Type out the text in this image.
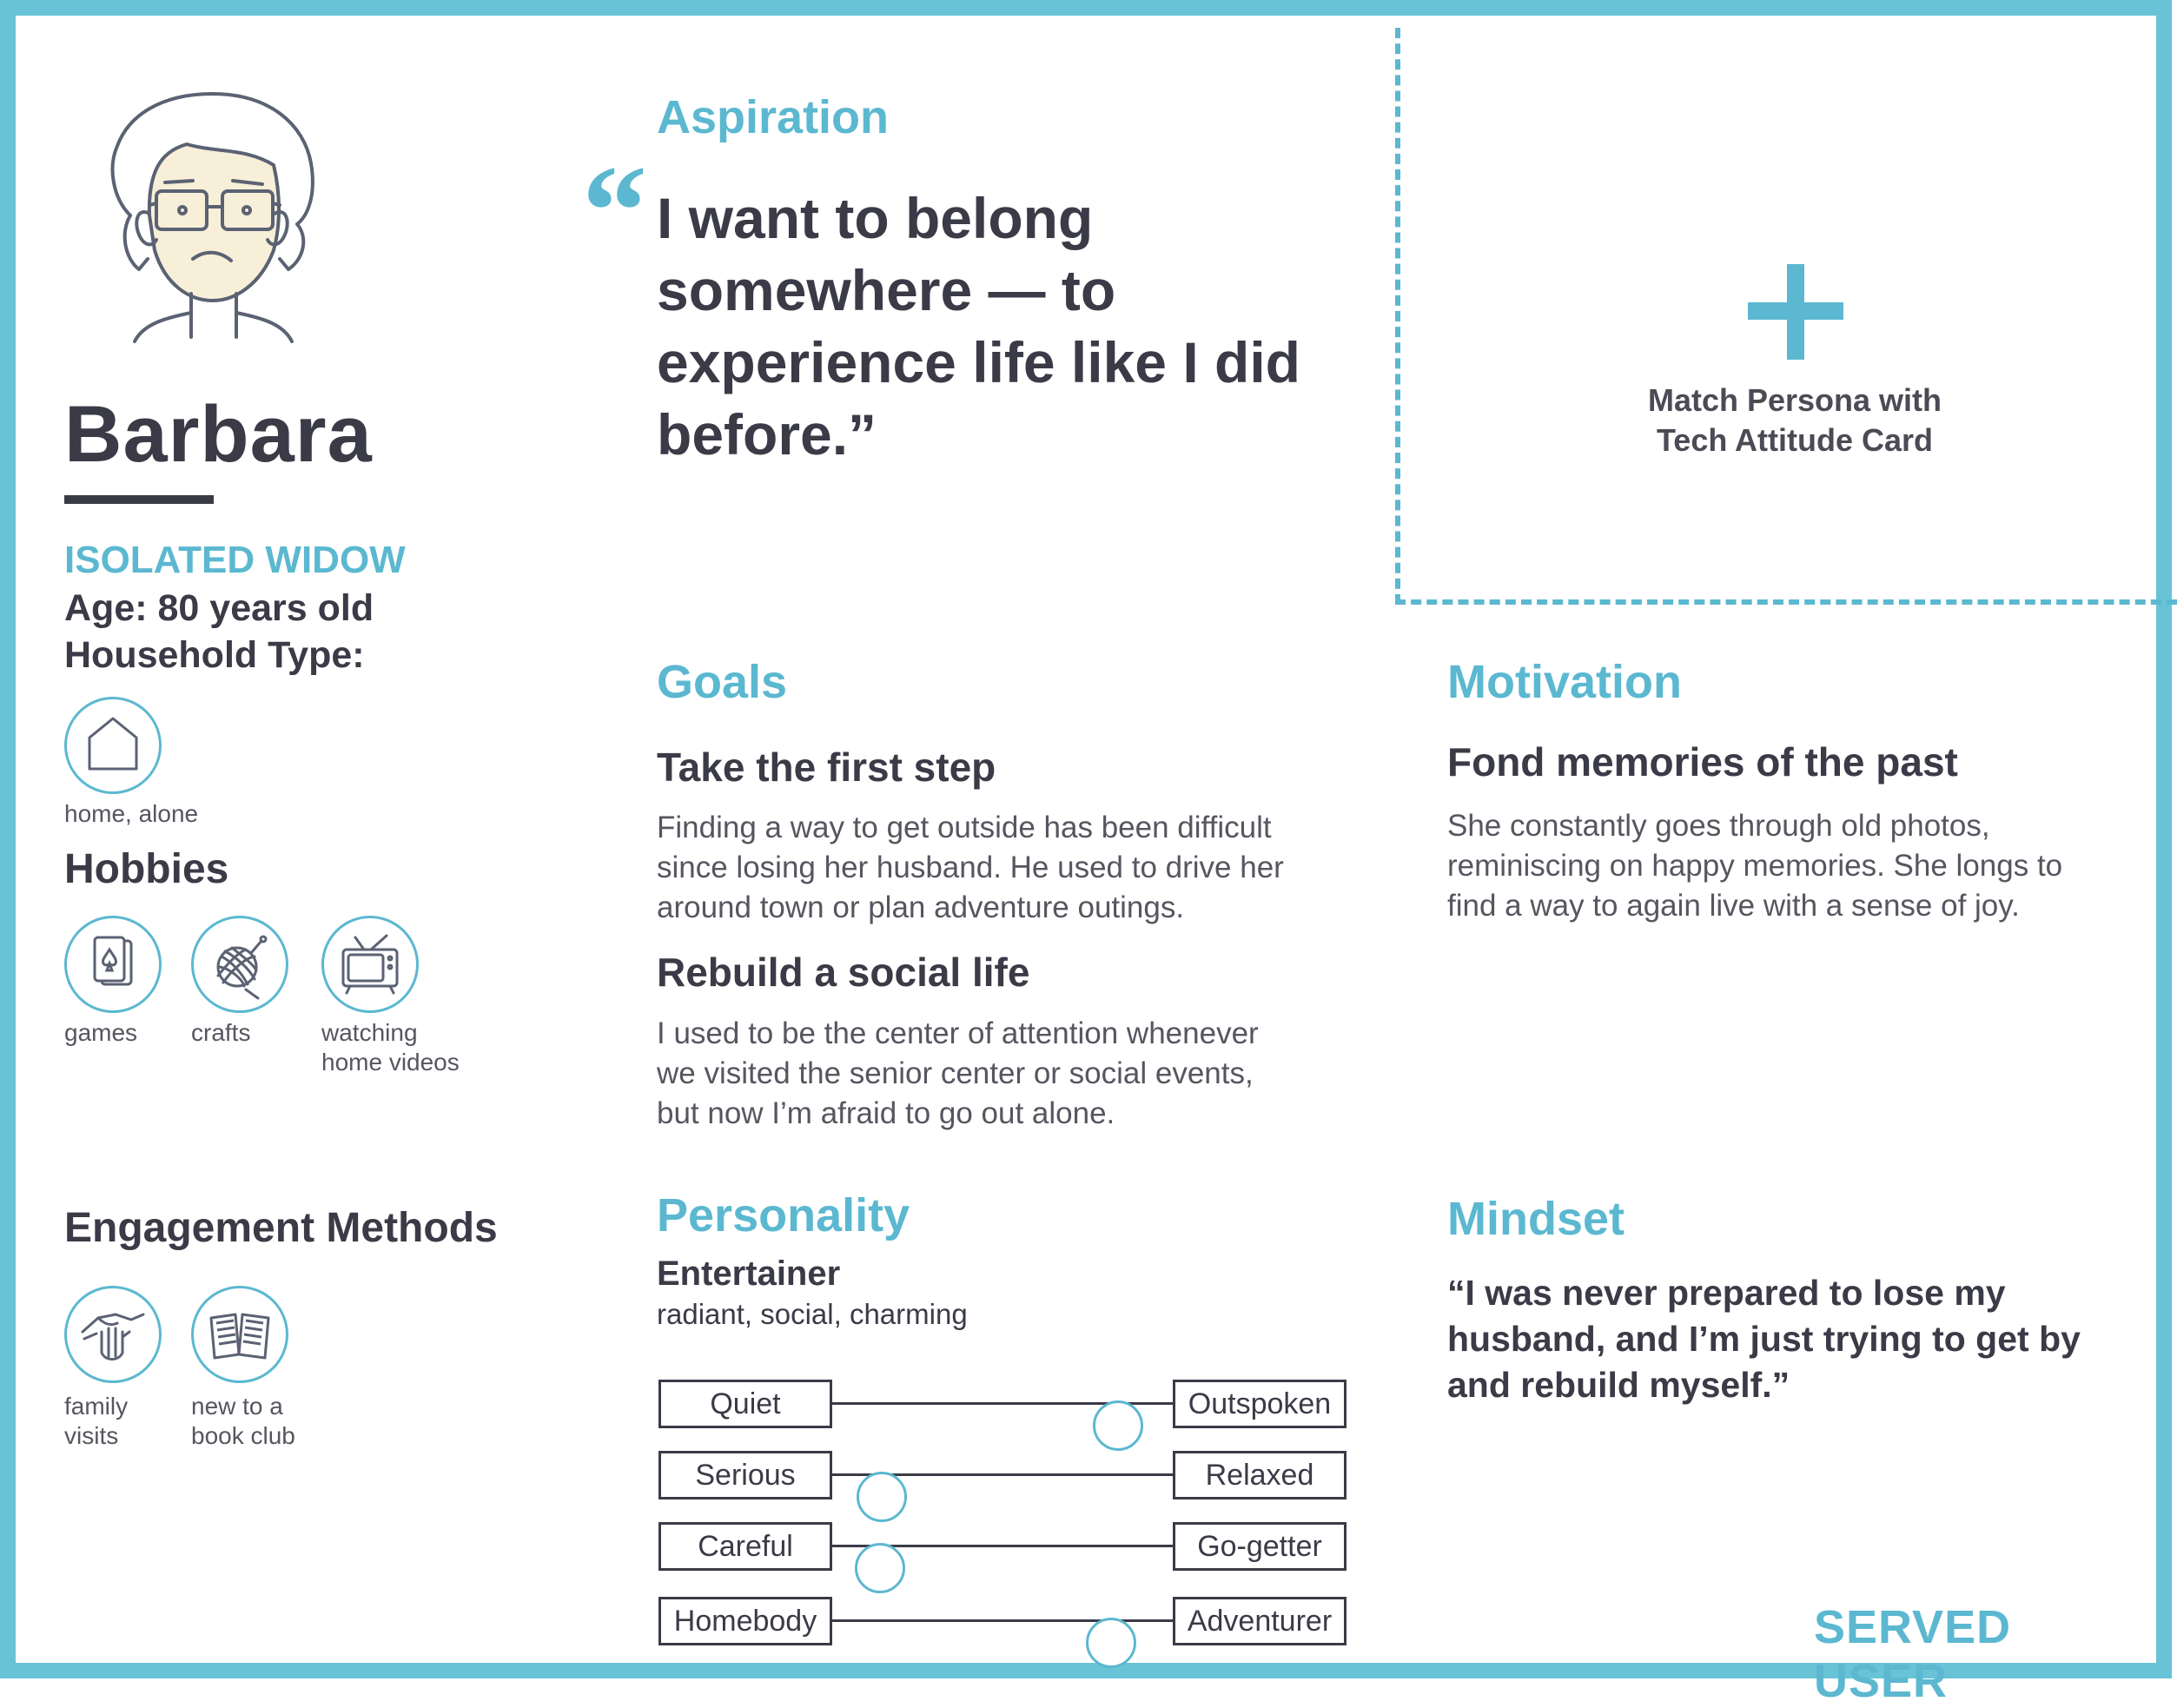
Barbara
ISOLATED WIDOW
Age: 80 years old
Household Type:
home, alone
Hobbies
games crafts	watching
home videos
Engagement Methods
family
visits
new to a
book club
Aspiration
“ I want to belong
somewhere — to
experience life like I did
before.”
Match Persona with
Tech Attitude Card
Goals
Take the first step
Finding a way to get outside has been difficult
since losing her husband. He used to drive her
around town or plan adventure outings.
Rebuild a social life
I used to be the center of attention whenever
we visited the senior center or social events,
but now I’m afraid to go out alone.
Motivation
Fond memories of the past
She constantly goes through old photos,
reminiscing on happy memories. She longs to
find a way to again live with a sense of joy.
Personality
Entertainer
radiant, social, charming
Quiet	Outspoken
Serious	Relaxed
Careful	Go-getter
Homebody	Adventurer
Mindset
“I was never prepared to lose my
husband, and I’m just trying to get by
and rebuild myself.”
SERVED USER
